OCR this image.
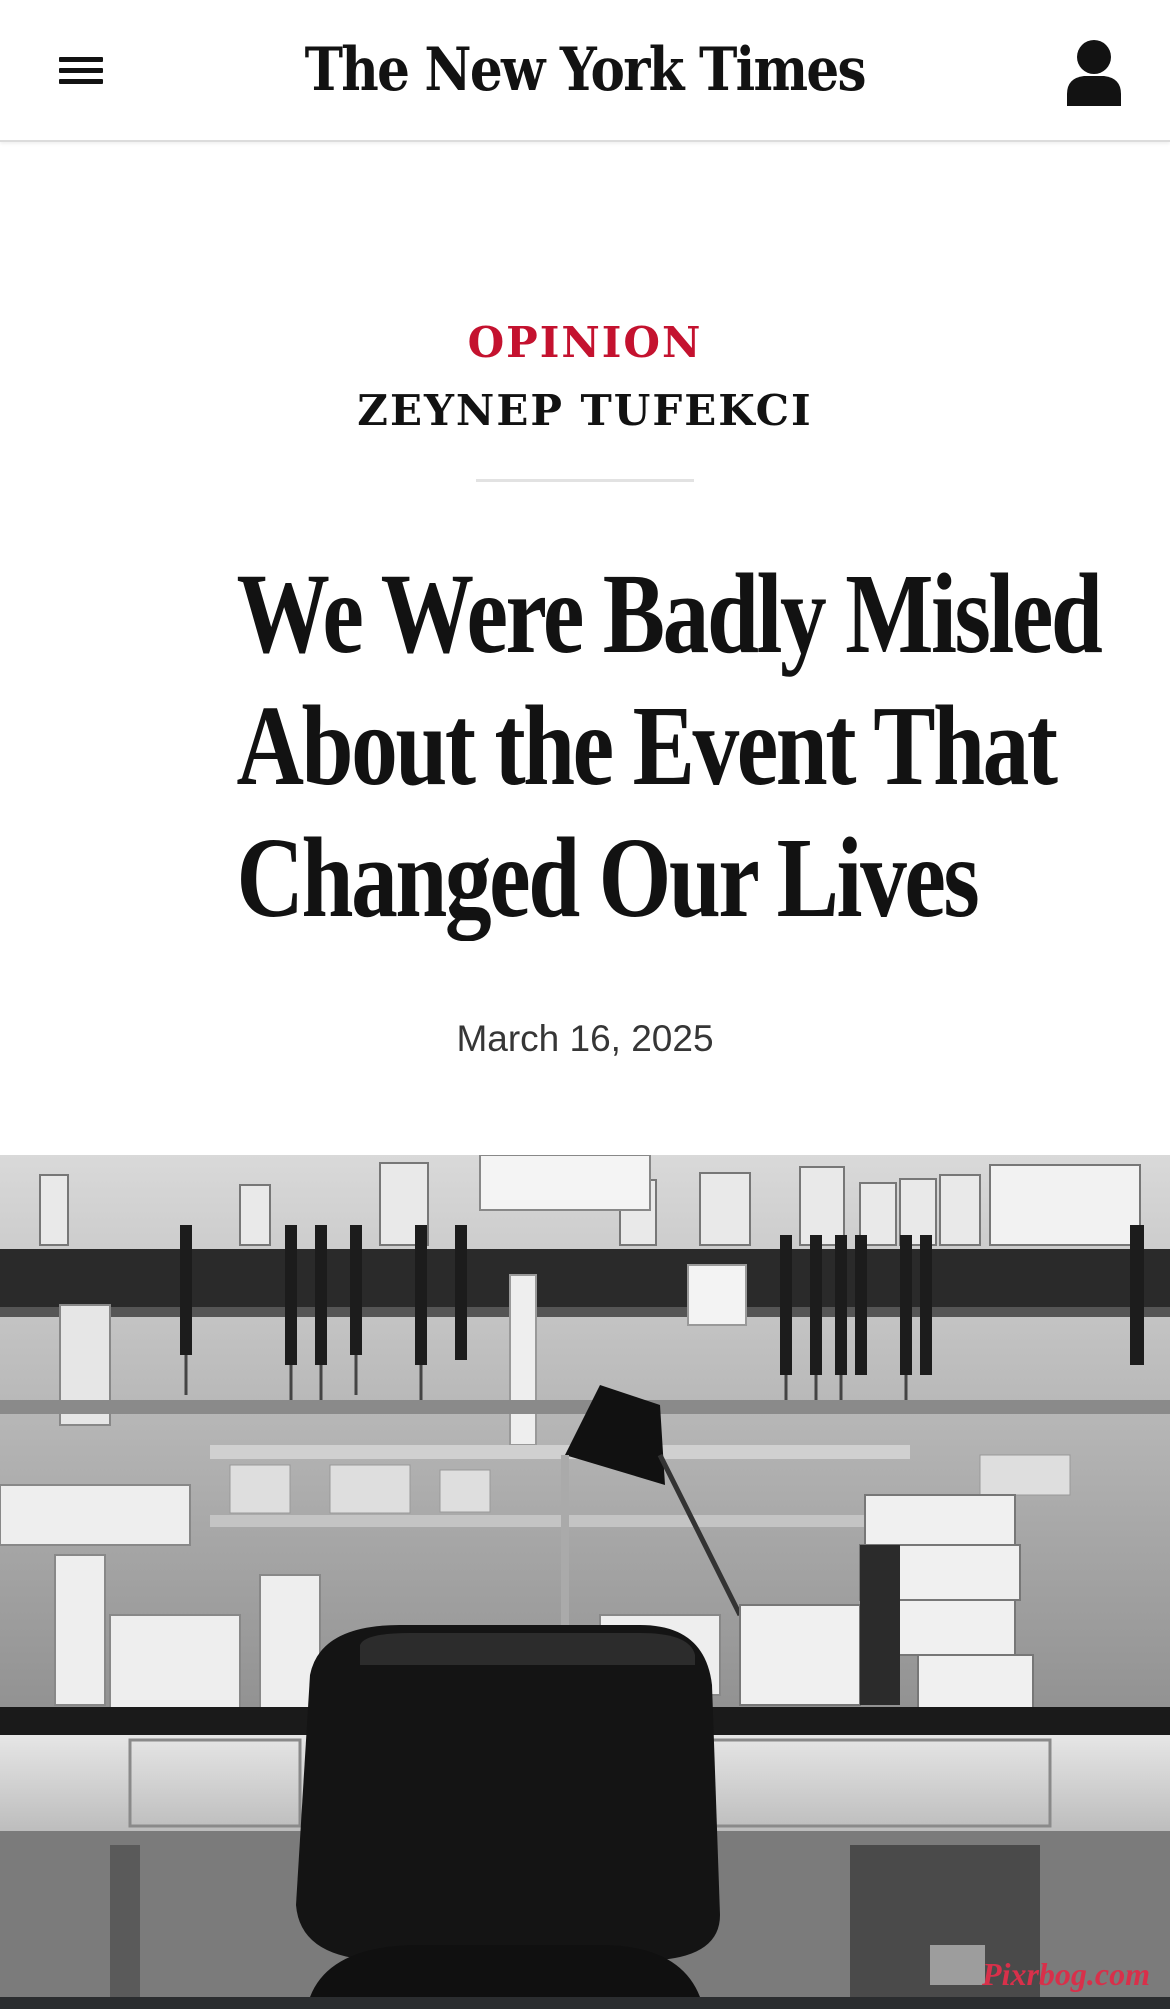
The New York Times
OPINION
ZEYNEP TUFEKCI
We Were Badly Misled
About the Event That
Changed Our Lives
March 16, 2025
Pixrbog.com
